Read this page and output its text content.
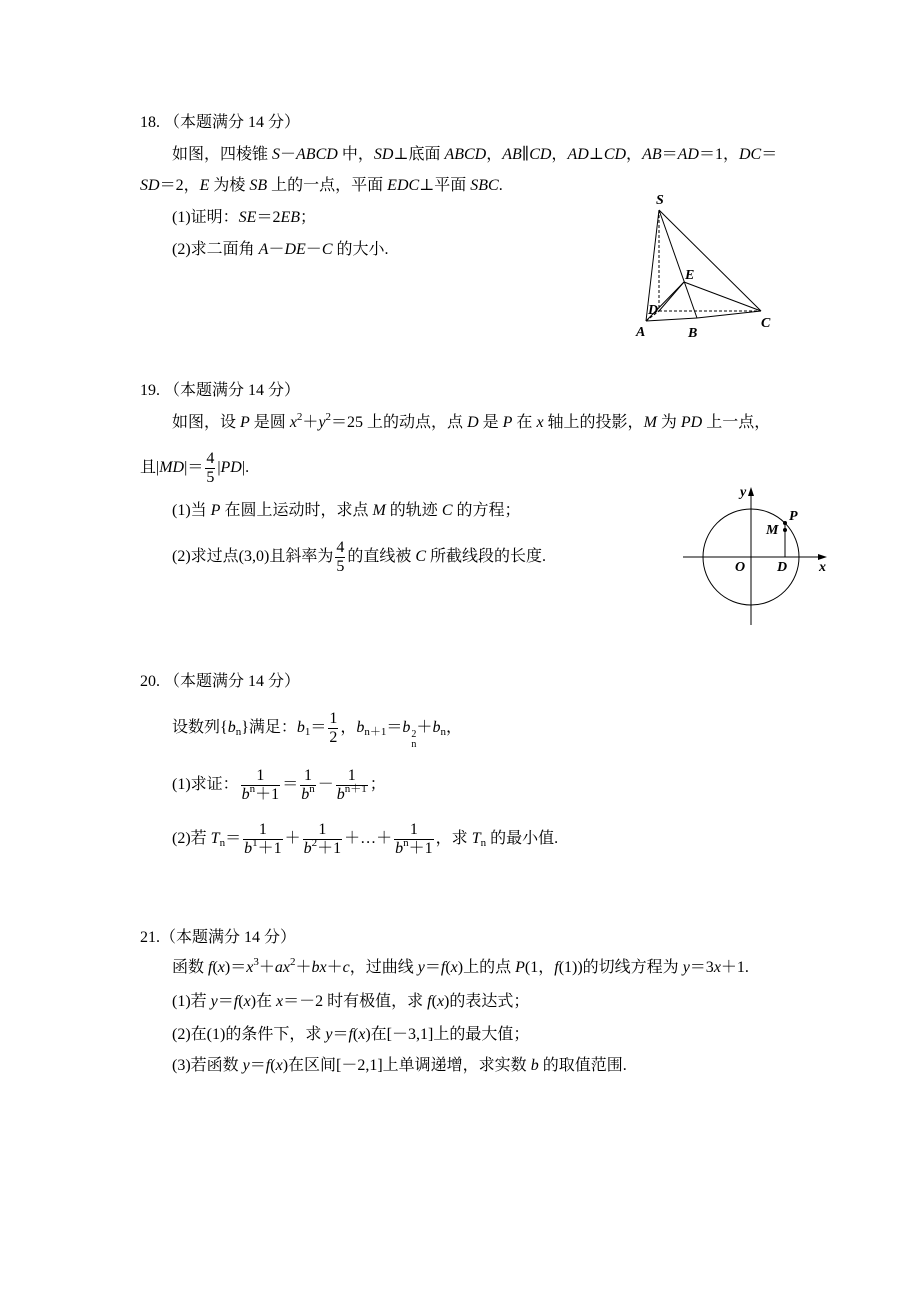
18. （本题满分 14 分）
如图，四棱锥 S－ABCD 中，SD⊥底面 ABCD，AB∥CD，AD⊥CD，AB＝AD＝1，DC＝
SD＝2，E 为棱 SB 上的一点，平面 EDC⊥平面 SBC.
(1)证明：SE＝2EB；
(2)求二面角 A－DE－C 的大小.
S
E
D
A	B
C
19. （本题满分 14 分）
如图，设 P 是圆 $x^2+y^2=25$ 上的动点，点 D 是 P 在 x 轴上的投影，M 为 PD 上一点，
且$|MD|= \frac{4}{5} |PD|$.
(1)当 P 在圆上运动时，求点 M 的轨迹 C 的方程；
(2)求过点(3,0)且斜率为 $\frac{4}{5}$ 的直线被 C 所截线段的长度.
y
x
O D
M
P
20. （本题满分 14 分）
设数列{bn}满足：$b1= \frac{1}{2}$ ，bn＋1＝b 2
n
＋bn，
(1)求证： $\frac{1}{b^n+1} = \frac{1}{b^n} - \frac{1}{b^{n+1}}$ ；
(2)若 $Tn= \frac{1}{b^1+1} + \frac{1}{b^2+1}$ ＋…＋ $\frac{1}{b^n+1}$ ，求 Tn 的最小值.
21.（本题满分 14 分）
函数 $f(x)=x^3+ax^2+bx+c$，过曲线 y＝f(x)上的点 P(1，f(1))的切线方程为 y＝3x＋1.
(1)若 y＝f(x)在 x＝－2 时有极值，求 f(x)的表达式；
(2)在(1)的条件下，求 y＝f(x)在[－3,1]上的最大值；
(3)若函数 y＝f(x)在区间[－2,1]上单调递增，求实数 b 的取值范围.
